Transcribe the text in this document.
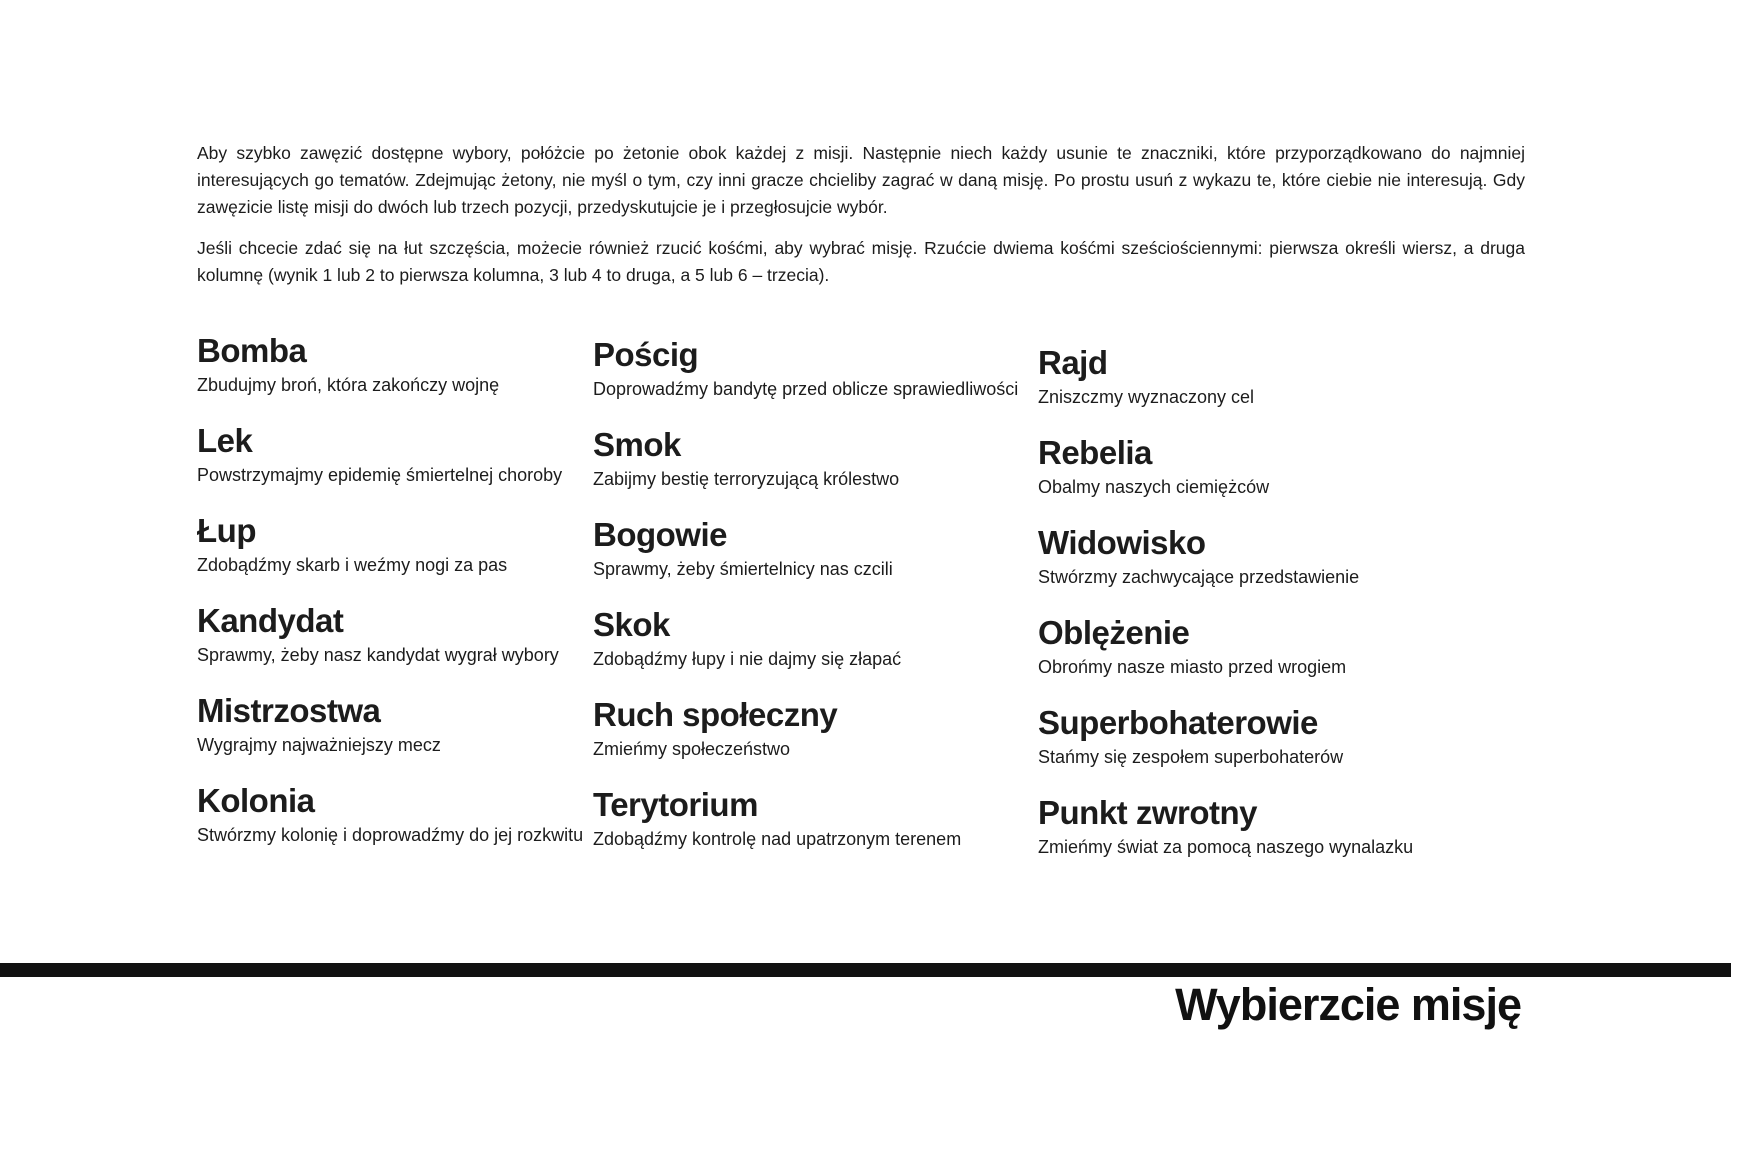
Aby szybko zawęzić dostępne wybory, połóżcie po żetonie obok każdej z misji. Następnie niech każdy usunie te znaczniki, które przyporządkowano do najmniej interesujących go tematów. Zdejmując żetony, nie myśl o tym, czy inni gracze chcieliby zagrać w daną misję. Po prostu usuń z wykazu te, które ciebie nie interesują. Gdy zawęzicie listę misji do dwóch lub trzech pozycji, przedyskutujcie je i przegłosujcie wybór.

Jeśli chcecie zdać się na łut szczęścia, możecie również rzucić kośćmi, aby wybrać misję. Rzućcie dwiema kośćmi sześciościennymi: pierwsza określi wiersz, a druga kolumnę (wynik 1 lub 2 to pierwsza kolumna, 3 lub 4 to druga, a 5 lub 6 – trzecia).

Bomba
Zbudujmy broń, która zakończy wojnę
Lek
Powstrzymajmy epidemię śmiertelnej choroby
Łup
Zdobądźmy skarb i weźmy nogi za pas
Kandydat
Sprawmy, żeby nasz kandydat wygrał wybory
Mistrzostwa
Wygrajmy najważniejszy mecz
Kolonia
Stwórzmy kolonię i doprowadźmy do jej rozkwitu
Pościg
Doprowadźmy bandytę przed oblicze sprawiedliwości
Smok
Zabijmy bestię terroryzującą królestwo
Bogowie
Sprawmy, żeby śmiertelnicy nas czcili
Skok
Zdobądźmy łupy i nie dajmy się złapać
Ruch społeczny
Zmieńmy społeczeństwo
Terytorium
Zdobądźmy kontrolę nad upatrzonym terenem
Rajd
Zniszczmy wyznaczony cel
Rebelia
Obalmy naszych ciemiężców
Widowisko
Stwórzmy zachwycające przedstawienie
Oblężenie
Obrońmy nasze miasto przed wrogiem
Superbohaterowie
Stańmy się zespołem superbohaterów
Punkt zwrotny
Zmieńmy świat za pomocą naszego wynalazku
Wybierzcie misję
